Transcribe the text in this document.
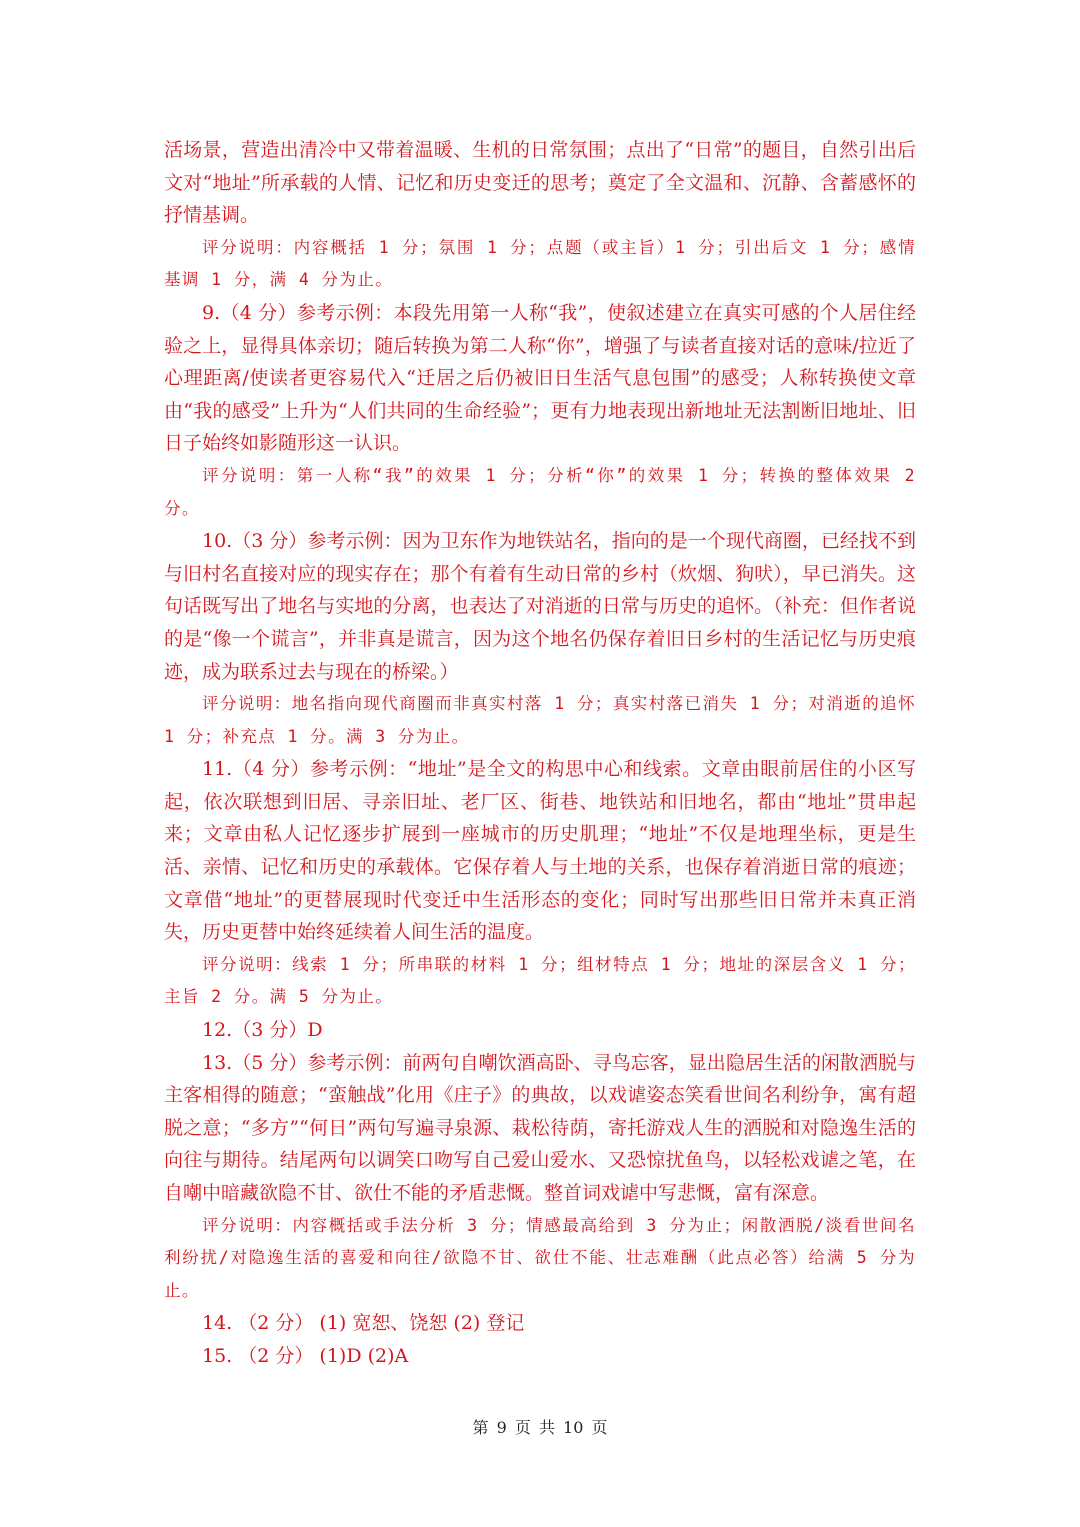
活场景，营造出清冷中又带着温暖、生机的日常氛围；点出了“日常”的题目，自然引出后文对“地址”所承载的人情、记忆和历史变迁的思考；奠定了全文温和、沉静、含蓄感怀的抒情基调。

评分说明：内容概括 1 分；氛围 1 分；点题（或主旨）1 分；引出后文 1 分；感情基调 1 分，满 4 分为止。

9.（4 分）参考示例：本段先用第一人称“我”，使叙述建立在真实可感的个人居住经验之上，显得具体亲切；随后转换为第二人称“你”，增强了与读者直接对话的意味/拉近了心理距离/使读者更容易代入“迁居之后仍被旧日生活气息包围”的感受；人称转换使文章由“我的感受”上升为“人们共同的生命经验”；更有力地表现出新地址无法割断旧地址、旧日子始终如影随形这一认识。

评分说明：第一人称“我”的效果 1 分；分析“你”的效果 1 分；转换的整体效果 2 分。

10.（3 分）参考示例：因为卫东作为地铁站名，指向的是一个现代商圈，已经找不到与旧村名直接对应的现实存在；那个有着有生动日常的乡村（炊烟、狗吠），早已消失。这句话既写出了地名与实地的分离，也表达了对消逝的日常与历史的追怀。（补充：但作者说的是“像一个谎言”，并非真是谎言，因为这个地名仍保存着旧日乡村的生活记忆与历史痕迹，成为联系过去与现在的桥梁。）

评分说明：地名指向现代商圈而非真实村落 1 分；真实村落已消失 1 分；对消逝的追怀 1 分；补充点 1 分。满 3 分为止。

11.（4 分）参考示例：“地址”是全文的构思中心和线索。文章由眼前居住的小区写起，依次联想到旧居、寻亲旧址、老厂区、街巷、地铁站和旧地名，都由“地址”贯串起来；文章由私人记忆逐步扩展到一座城市的历史肌理；“地址”不仅是地理坐标，更是生活、亲情、记忆和历史的承载体。它保存着人与土地的关系，也保存着消逝日常的痕迹；文章借“地址”的更替展现时代变迁中生活形态的变化；同时写出那些旧日常并未真正消失，历史更替中始终延续着人间生活的温度。

评分说明：线索 1 分；所串联的材料 1 分；组材特点 1 分；地址的深层含义 1 分；主旨 2 分。满 5 分为止。

12.（3 分）D

13.（5 分）参考示例：前两句自嘲饮酒高卧、寻鸟忘客，显出隐居生活的闲散洒脱与主客相得的随意；“蛮触战”化用《庄子》的典故，以戏谑姿态笑看世间名利纷争，寓有超脱之意；“多方”“何日”两句写遍寻泉源、栽松待荫，寄托游戏人生的洒脱和对隐逸生活的向往与期待。结尾两句以调笑口吻写自己爱山爱水、又恐惊扰鱼鸟，以轻松戏谑之笔，在自嘲中暗藏欲隐不甘、欲仕不能的矛盾悲慨。整首词戏谑中写悲慨，富有深意。

评分说明：内容概括或手法分析 3 分；情感最高给到 3 分为止；闲散洒脱/淡看世间名利纷扰/对隐逸生活的喜爱和向往/欲隐不甘、欲仕不能、壮志难酬（此点必答）给满 5 分为止。

14. （2 分） (1) 宽恕、饶恕 (2) 登记

15. （2 分） (1)D (2)A

第 9 页 共 10 页
